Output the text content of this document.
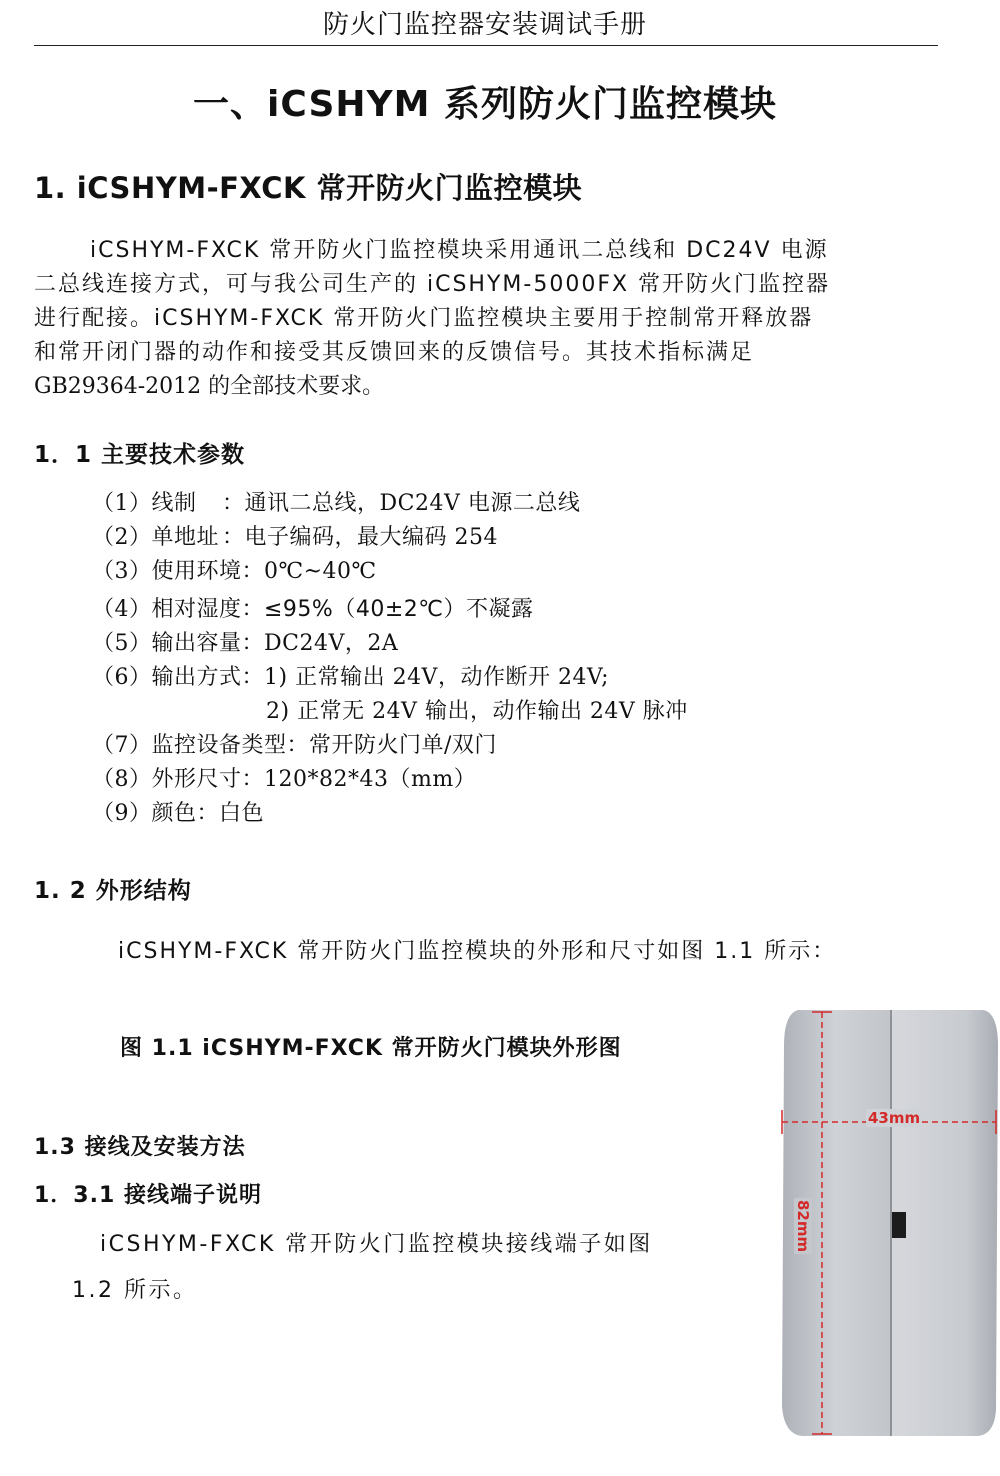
防火门监控器安装调试手册
一、iCSHYM 系列防火门监控模块
1. iCSHYM-FXCK 常开防火门监控模块

iCSHYM-FXCK 常开防火门监控模块采用通讯二总线和 DC24V 电源
二总线连接方式，可与我公司生产的 iCSHYM-5000FX 常开防火门监控器
进行配接。iCSHYM-FXCK 常开防火门监控模块主要用于控制常开释放器
和常开闭门器的动作和接受其反馈回来的反馈信号。其技术指标满足
GB29364-2012 的全部技术要求。

1．1 主要技术参数
（1）线制 ：通讯二总线，DC24V 电源二总线
（2）单地址 ：电子编码，最大编码 254
（3）使用环境：0℃~40℃
（4）相对湿度：≤95%（40±2℃）不凝露
（5）输出容量：DC24V，2A
（6）输出方式：1) 正常输出 24V，动作断开 24V;
2) 正常无 24V 输出，动作输出 24V 脉冲
（7）监控设备类型：常开防火门单/双门
（8）外形尺寸：120*82*43（mm）
（9）颜色：白色
1. 2 外形结构
iCSHYM-FXCK 常开防火门监控模块的外形和尺寸如图 1.1 所示：
图 1.1 iCSHYM-FXCK 常开防火门模块外形图
1.3 接线及安装方法
1．3.1 接线端子说明

iCSHYM-FXCK 常开防火门监控模块接线端子如图
1.2 所示。

43mm
82mm
